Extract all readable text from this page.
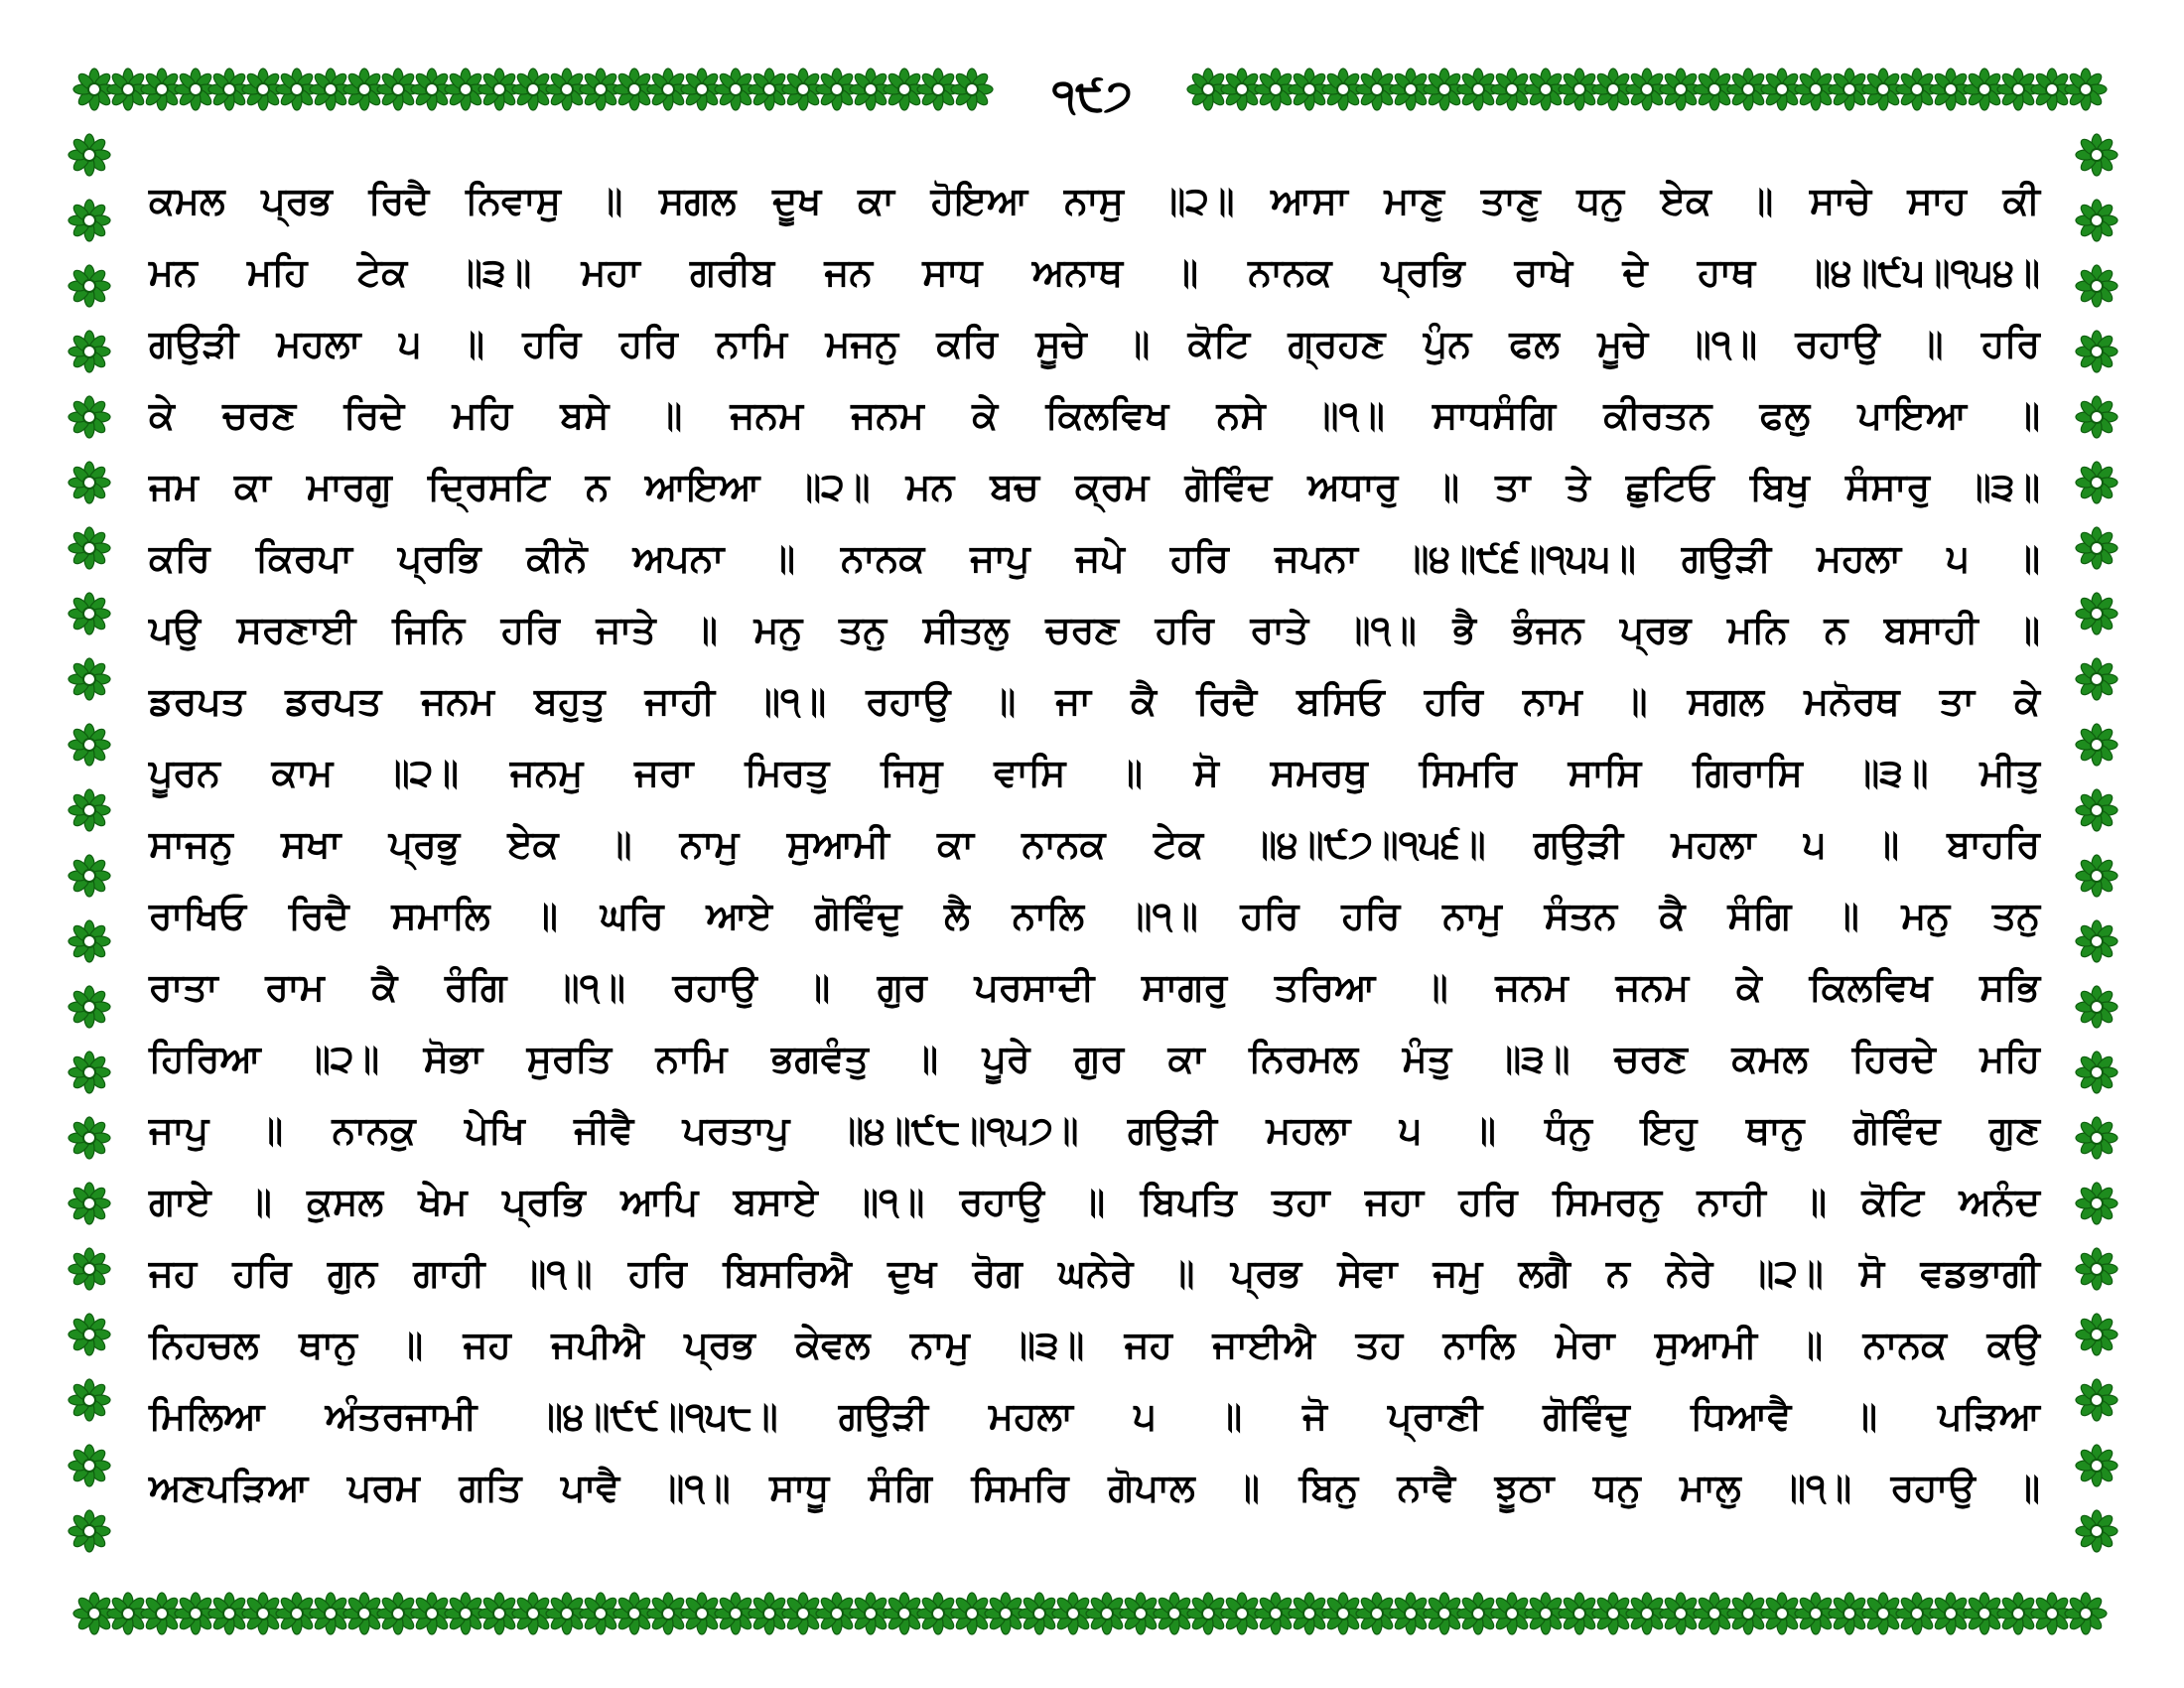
੧੯੭
ਕਮਲ ਪ੍ਰਭ ਰਿਦੈ ਨਿਵਾਸੁ ॥ ਸਗਲ ਦੂਖ ਕਾ ਹੋਇਆ ਨਾਸੁ ॥੨॥ ਆਸਾ ਮਾਣੁ ਤਾਣੁ ਧਨੁ ਏਕ ॥ ਸਾਚੇ ਸਾਹ ਕੀ
ਮਨ ਮਹਿ ਟੇਕ ॥੩॥ ਮਹਾ ਗਰੀਬ ਜਨ ਸਾਧ ਅਨਾਥ ॥ ਨਾਨਕ ਪ੍ਰਭਿ ਰਾਖੇ ਦੇ ਹਾਥ ॥੪॥੯੫॥੧੫੪॥
ਗਉੜੀ ਮਹਲਾ ੫ ॥ ਹਰਿ ਹਰਿ ਨਾਮਿ ਮਜਨੁ ਕਰਿ ਸੂਚੇ ॥ ਕੋਟਿ ਗ੍ਰਹਣ ਪੁੰਨ ਫਲ ਮੂਚੇ ॥੧॥ ਰਹਾਉ ॥ ਹਰਿ
ਕੇ ਚਰਣ ਰਿਦੇ ਮਹਿ ਬਸੇ ॥ ਜਨਮ ਜਨਮ ਕੇ ਕਿਲਵਿਖ ਨਸੇ ॥੧॥ ਸਾਧਸੰਗਿ ਕੀਰਤਨ ਫਲੁ ਪਾਇਆ ॥
ਜਮ ਕਾ ਮਾਰਗੁ ਦ੍ਰਿਸਟਿ ਨ ਆਇਆ ॥੨॥ ਮਨ ਬਚ ਕ੍ਰਮ ਗੋਵਿੰਦ ਅਧਾਰੁ ॥ ਤਾ ਤੇ ਛੁਟਿਓ ਬਿਖੁ ਸੰਸਾਰੁ ॥੩॥
ਕਰਿ ਕਿਰਪਾ ਪ੍ਰਭਿ ਕੀਨੋ ਅਪਨਾ ॥ ਨਾਨਕ ਜਾਪੁ ਜਪੇ ਹਰਿ ਜਪਨਾ ॥੪॥੯੬॥੧੫੫॥ ਗਉੜੀ ਮਹਲਾ ੫ ॥
ਪਉ ਸਰਣਾਈ ਜਿਨਿ ਹਰਿ ਜਾਤੇ ॥ ਮਨੁ ਤਨੁ ਸੀਤਲੁ ਚਰਣ ਹਰਿ ਰਾਤੇ ॥੧॥ ਭੈ ਭੰਜਨ ਪ੍ਰਭ ਮਨਿ ਨ ਬਸਾਹੀ ॥
ਡਰਪਤ ਡਰਪਤ ਜਨਮ ਬਹੁਤੁ ਜਾਹੀ ॥੧॥ ਰਹਾਉ ॥ ਜਾ ਕੈ ਰਿਦੈ ਬਸਿਓ ਹਰਿ ਨਾਮ ॥ ਸਗਲ ਮਨੋਰਥ ਤਾ ਕੇ
ਪੂਰਨ ਕਾਮ ॥੨॥ ਜਨਮੁ ਜਰਾ ਮਿਰਤੁ ਜਿਸੁ ਵਾਸਿ ॥ ਸੋ ਸਮਰਥੁ ਸਿਮਰਿ ਸਾਸਿ ਗਿਰਾਸਿ ॥੩॥ ਮੀਤੁ
ਸਾਜਨੁ ਸਖਾ ਪ੍ਰਭੁ ਏਕ ॥ ਨਾਮੁ ਸੁਆਮੀ ਕਾ ਨਾਨਕ ਟੇਕ ॥੪॥੯੭॥੧੫੬॥ ਗਉੜੀ ਮਹਲਾ ੫ ॥ ਬਾਹਰਿ
ਰਾਖਿਓ ਰਿਦੈ ਸਮਾਲਿ ॥ ਘਰਿ ਆਏ ਗੋਵਿੰਦੁ ਲੈ ਨਾਲਿ ॥੧॥ ਹਰਿ ਹਰਿ ਨਾਮੁ ਸੰਤਨ ਕੈ ਸੰਗਿ ॥ ਮਨੁ ਤਨੁ
ਰਾਤਾ ਰਾਮ ਕੈ ਰੰਗਿ ॥੧॥ ਰਹਾਉ ॥ ਗੁਰ ਪਰਸਾਦੀ ਸਾਗਰੁ ਤਰਿਆ ॥ ਜਨਮ ਜਨਮ ਕੇ ਕਿਲਵਿਖ ਸਭਿ
ਹਿਰਿਆ ॥੨॥ ਸੋਭਾ ਸੁਰਤਿ ਨਾਮਿ ਭਗਵੰਤੁ ॥ ਪੂਰੇ ਗੁਰ ਕਾ ਨਿਰਮਲ ਮੰਤੁ ॥੩॥ ਚਰਣ ਕਮਲ ਹਿਰਦੇ ਮਹਿ
ਜਾਪੁ ॥ ਨਾਨਕੁ ਪੇਖਿ ਜੀਵੈ ਪਰਤਾਪੁ ॥੪॥੯੮॥੧੫੭॥ ਗਉੜੀ ਮਹਲਾ ੫ ॥ ਧੰਨੁ ਇਹੁ ਥਾਨੁ ਗੋਵਿੰਦ ਗੁਣ
ਗਾਏ ॥ ਕੁਸਲ ਖੇਮ ਪ੍ਰਭਿ ਆਪਿ ਬਸਾਏ ॥੧॥ ਰਹਾਉ ॥ ਬਿਪਤਿ ਤਹਾ ਜਹਾ ਹਰਿ ਸਿਮਰਨੁ ਨਾਹੀ ॥ ਕੋਟਿ ਅਨੰਦ
ਜਹ ਹਰਿ ਗੁਨ ਗਾਹੀ ॥੧॥ ਹਰਿ ਬਿਸਰਿਐ ਦੁਖ ਰੋਗ ਘਨੇਰੇ ॥ ਪ੍ਰਭ ਸੇਵਾ ਜਮੁ ਲਗੈ ਨ ਨੇਰੇ ॥੨॥ ਸੋ ਵਡਭਾਗੀ
ਨਿਹਚਲ ਥਾਨੁ ॥ ਜਹ ਜਪੀਐ ਪ੍ਰਭ ਕੇਵਲ ਨਾਮੁ ॥੩॥ ਜਹ ਜਾਈਐ ਤਹ ਨਾਲਿ ਮੇਰਾ ਸੁਆਮੀ ॥ ਨਾਨਕ ਕਉ
ਮਿਲਿਆ ਅੰਤਰਜਾਮੀ ॥੪॥੯੯॥੧੫੮॥ ਗਉੜੀ ਮਹਲਾ ੫ ॥ ਜੋ ਪ੍ਰਾਣੀ ਗੋਵਿੰਦੁ ਧਿਆਵੈ ॥ ਪੜਿਆ
ਅਣਪੜਿਆ ਪਰਮ ਗਤਿ ਪਾਵੈ ॥੧॥ ਸਾਧੂ ਸੰਗਿ ਸਿਮਰਿ ਗੋਪਾਲ ॥ ਬਿਨੁ ਨਾਵੈ ਝੂਠਾ ਧਨੁ ਮਾਲੁ ॥੧॥ ਰਹਾਉ ॥
